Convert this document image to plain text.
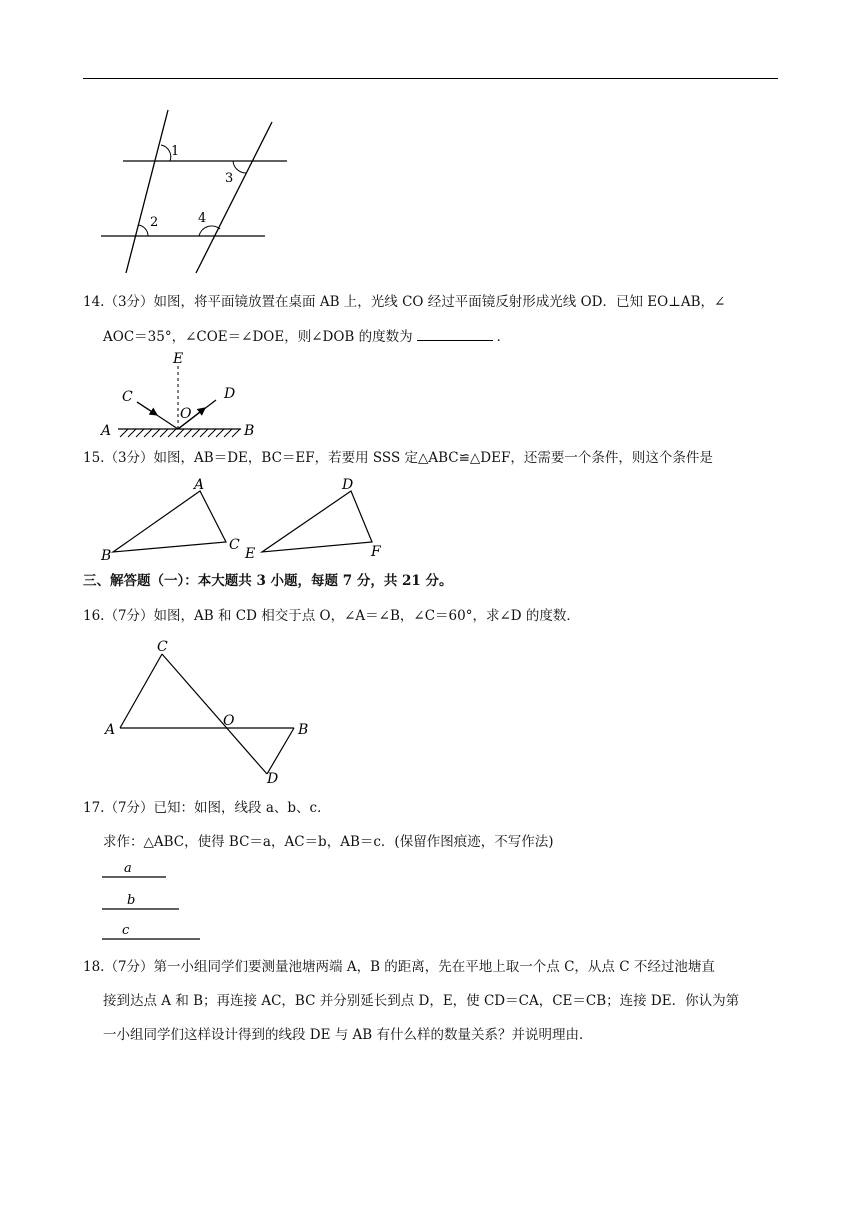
1
3
2	4
14.（3分）如图，将平面镜放置在桌面 AB 上，光线 CO 经过平面镜反射形成光线 OD．已知 EO⊥AB，∠
AOC＝35°，∠COE＝∠DOE，则∠DOB 的度数为	．
E
C
O
D
A	B
15.（3分）如图，AB＝DE，BC＝EF，若要用 SSS 定△ABC≌△DEF，还需要一个条件，则这个条件是
A
B
C
D
E	F
三、解答题（一）：本大题共 3 小题，每题 7 分，共 21 分。
16.（7分）如图，AB 和 CD 相交于点 O，∠A＝∠B，∠C＝60°，求∠D 的度数．
C
A
O
B
D
17.（7分）已知：如图，线段 a、b、c．
求作：△ABC，使得 BC＝a，AC＝b，AB＝c．(保留作图痕迹，不写作法)
a
b
c
18.（7分）第一小组同学们要测量池塘两端 A，B 的距离，先在平地上取一个点 C，从点 C 不经过池塘直
接到达点 A 和 B；再连接 AC，BC 并分别延长到点 D，E，使 CD＝CA，CE＝CB；连接 DE．你认为第
一小组同学们这样设计得到的线段 DE 与 AB 有什么样的数量关系？并说明理由．
